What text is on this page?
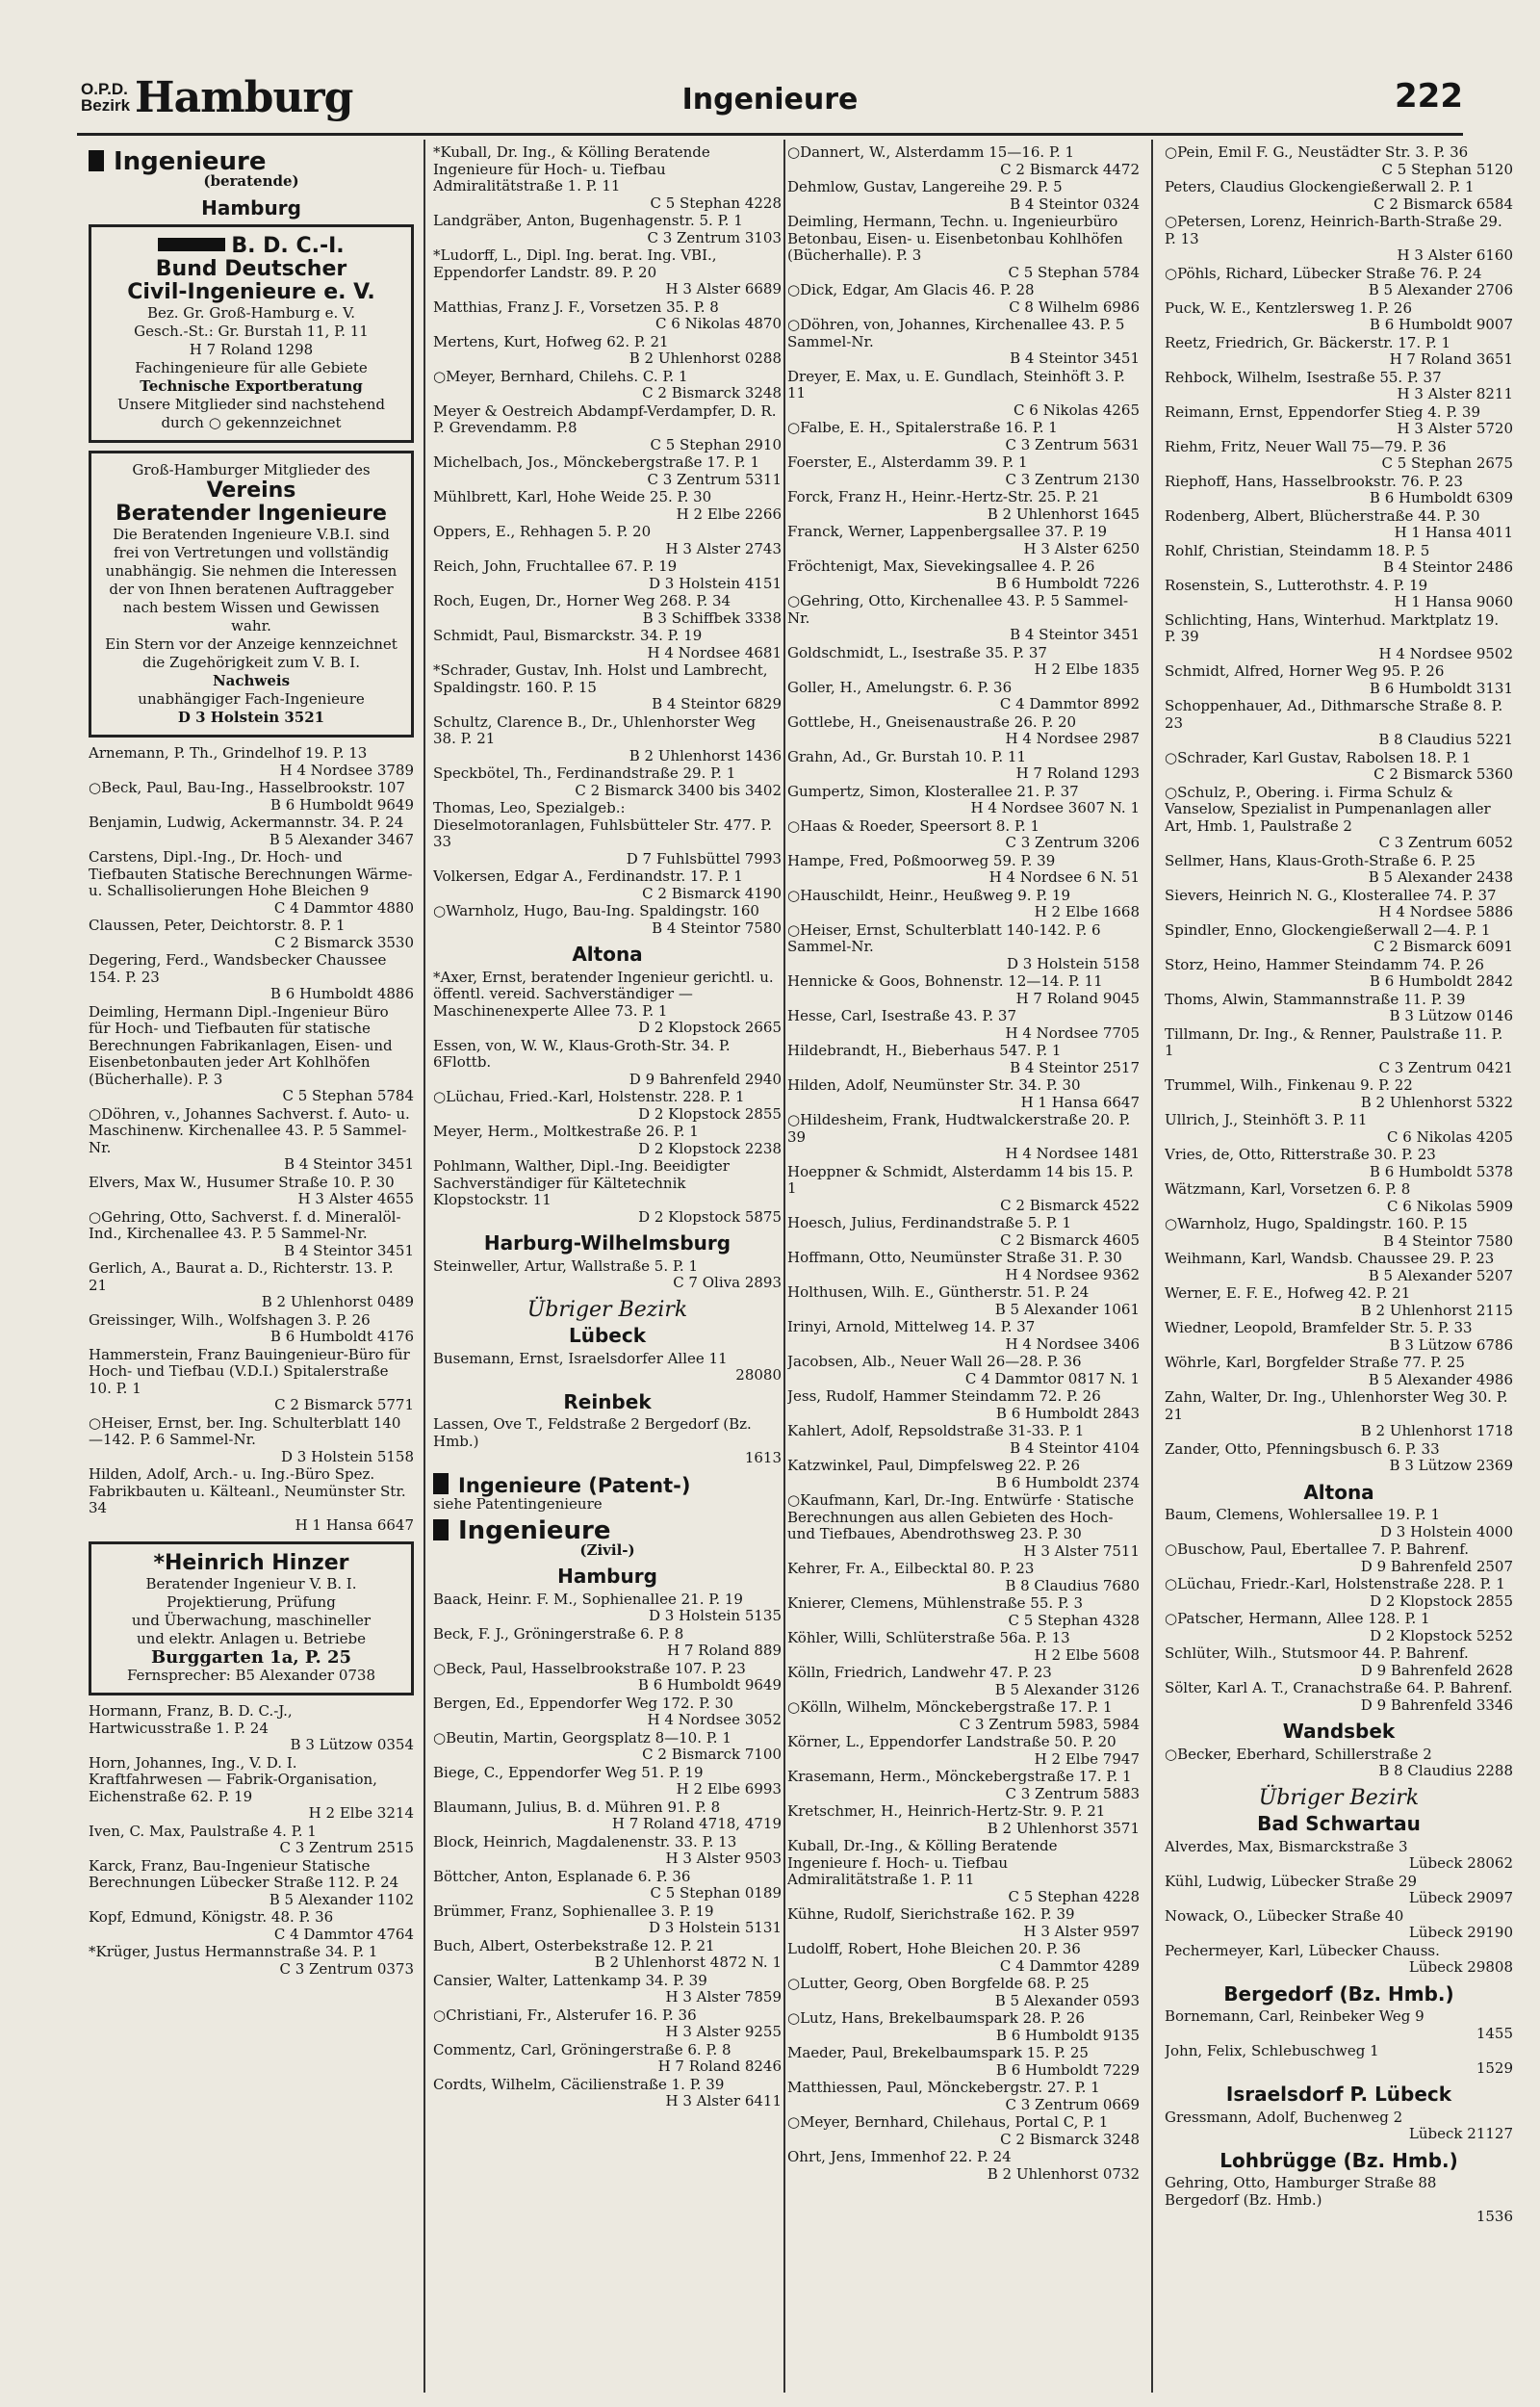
O.P.D.
Bezirk Hamburg	Ingenieure	222
Ingenieure
(beratende)
Hamburg
B. D. C.-I.
Bund Deutscher
Civil-Ingenieure e. V.
Bez. Gr. Groß-Hamburg e. V.
Gesch.-St.: Gr. Burstah 11, P. 11
H 7 Roland 1298
Fachingenieure für alle Gebiete
Technische Exportberatung
Unsere Mitglieder sind nachstehend durch ○ gekennzeichnet
Groß-Hamburger Mitglieder des
Vereins
Beratender Ingenieure
Die Beratenden Ingenieure V.B.I. sind frei von Vertretungen und vollständig unabhängig. Sie nehmen die Interessen der von Ihnen beratenen Auftraggeber nach bestem Wissen und Gewissen wahr.
Ein Stern vor der Anzeige kennzeichnet die Zugehörigkeit zum V. B. I.
Nachweis
unabhängiger Fach-Ingenieure
D 3 Holstein 3521
Arnemann, P. Th., Grindelhof 19. P. 13
H 4 Nordsee 3789
○Beck, Paul, Bau-Ing., Hasselbrookstr. 107
B 6 Humboldt 9649
Benjamin, Ludwig, Ackermannstr. 34. P. 24
B 5 Alexander 3467
Carstens, Dipl.-Ing., Dr. Hoch- und Tiefbauten Statische Berechnungen Wärme- u. Schallisolierungen Hohe Bleichen 9
C 4 Dammtor 4880
Claussen, Peter, Deichtorstr. 8. P. 1
C 2 Bismarck 3530
Degering, Ferd., Wandsbecker Chaussee 154. P. 23
B 6 Humboldt 4886
Deimling, Hermann Dipl.-Ingenieur Büro für Hoch- und Tiefbauten für statische Berechnungen Fabrikanlagen, Eisen- und Eisenbetonbauten jeder Art Kohlhöfen (Bücherhalle). P. 3
C 5 Stephan 5784
○Döhren, v., Johannes Sachverst. f. Auto- u. Maschinenw. Kirchenallee 43. P. 5 Sammel-Nr.
B 4 Steintor 3451
Elvers, Max W., Husumer Straße 10. P. 30
H 3 Alster 4655
○Gehring, Otto, Sachverst. f. d. Mineralöl-Ind., Kirchenallee 43. P. 5 Sammel-Nr.
B 4 Steintor 3451
Gerlich, A., Baurat a. D., Richterstr. 13. P. 21
B 2 Uhlenhorst 0489
Greissinger, Wilh., Wolfshagen 3. P. 26
B 6 Humboldt 4176
Hammerstein, Franz Bauingenieur-Büro für Hoch- und Tiefbau (V.D.I.) Spitalerstraße 10. P. 1
C 2 Bismarck 5771
○Heiser, Ernst, ber. Ing. Schulterblatt 140—142. P. 6 Sammel-Nr.
D 3 Holstein 5158
Hilden, Adolf, Arch.- u. Ing.-Büro Spez. Fabrikbauten u. Kälteanl., Neumünster Str. 34
H 1 Hansa 6647
*Heinrich Hinzer
Beratender Ingenieur V. B. I.
Projektierung, Prüfung
und Überwachung, maschineller
und elektr. Anlagen u. Betriebe
Burggarten 1a, P. 25
Fernsprecher: B5 Alexander 0738
Hormann, Franz, B. D. C.-J., Hartwicusstraße 1. P. 24
B 3 Lützow 0354
Horn, Johannes, Ing., V. D. I. Kraftfahrwesen — Fabrik-Organisation, Eichenstraße 62. P. 19
H 2 Elbe 3214
Iven, C. Max, Paulstraße 4. P. 1
C 3 Zentrum 2515
Karck, Franz, Bau-Ingenieur Statische Berechnungen Lübecker Straße 112. P. 24
B 5 Alexander 1102
Kopf, Edmund, Königstr. 48. P. 36
C 4 Dammtor 4764
*Krüger, Justus Hermannstraße 34. P. 1
C 3 Zentrum 0373
*Kuball, Dr. Ing., & Kölling Beratende Ingenieure für Hoch- u. Tiefbau Admiralitätstraße 1. P. 11
C 5 Stephan 4228
Landgräber, Anton, Bugenhagenstr. 5. P. 1
C 3 Zentrum 3103
*Ludorff, L., Dipl. Ing. berat. Ing. VBI., Eppendorfer Landstr. 89. P. 20
H 3 Alster 6689
Matthias, Franz J. F., Vorsetzen 35. P. 8
C 6 Nikolas 4870
Mertens, Kurt, Hofweg 62. P. 21
B 2 Uhlenhorst 0288
○Meyer, Bernhard, Chilehs. C. P. 1
C 2 Bismarck 3248
Meyer & Oestreich Abdampf-Verdampfer, D. R. P. Grevendamm. P.8
C 5 Stephan 2910
Michelbach, Jos., Mönckebergstraße 17. P. 1
C 3 Zentrum 5311
Mühlbrett, Karl, Hohe Weide 25. P. 30
H 2 Elbe 2266
Oppers, E., Rehhagen 5. P. 20
H 3 Alster 2743
Reich, John, Fruchtallee 67. P. 19
D 3 Holstein 4151
Roch, Eugen, Dr., Horner Weg 268. P. 34
B 3 Schiffbek 3338
Schmidt, Paul, Bismarckstr. 34. P. 19
H 4 Nordsee 4681
*Schrader, Gustav, Inh. Holst und Lambrecht, Spaldingstr. 160. P. 15
B 4 Steintor 6829
Schultz, Clarence B., Dr., Uhlenhorster Weg 38. P. 21
B 2 Uhlenhorst 1436
Speckbötel, Th., Ferdinandstraße 29. P. 1
C 2 Bismarck 3400 bis 3402
Thomas, Leo, Spezialgeb.: Dieselmotoranlagen, Fuhlsbütteler Str. 477. P. 33
D 7 Fuhlsbüttel 7993
Volkersen, Edgar A., Ferdinandstr. 17. P. 1
C 2 Bismarck 4190
○Warnholz, Hugo, Bau-Ing. Spaldingstr. 160
B 4 Steintor 7580
Altona
*Axer, Ernst, beratender Ingenieur gerichtl. u. öffentl. vereid. Sachverständiger — Maschinenexperte Allee 73. P. 1
D 2 Klopstock 2665
Essen, von, W. W., Klaus-Groth-Str. 34. P. 6Flottb.
D 9 Bahrenfeld 2940
○Lüchau, Fried.-Karl, Holstenstr. 228. P. 1
D 2 Klopstock 2855
Meyer, Herm., Moltkestraße 26. P. 1
D 2 Klopstock 2238
Pohlmann, Walther, Dipl.-Ing. Beeidigter Sachverständiger für Kältetechnik Klopstockstr. 11
D 2 Klopstock 5875
Harburg-Wilhelmsburg
Steinweller, Artur, Wallstraße 5. P. 1
C 7 Oliva 2893
Übriger Bezirk
Lübeck
Busemann, Ernst, Israelsdorfer Allee 11
28080
Reinbek
Lassen, Ove T., Feldstraße 2 Bergedorf (Bz. Hmb.)
1613
Ingenieure (Patent-)
siehe Patentingenieure
Ingenieure
(Zivil-)
Hamburg
Baack, Heinr. F. M., Sophienallee 21. P. 19
D 3 Holstein 5135
Beck, F. J., Gröningerstraße 6. P. 8
H 7 Roland 889
○Beck, Paul, Hasselbrookstraße 107. P. 23
B 6 Humboldt 9649
Bergen, Ed., Eppendorfer Weg 172. P. 30
H 4 Nordsee 3052
○Beutin, Martin, Georgsplatz 8—10. P. 1
C 2 Bismarck 7100
Biege, C., Eppendorfer Weg 51. P. 19
H 2 Elbe 6993
Blaumann, Julius, B. d. Mühren 91. P. 8
H 7 Roland 4718, 4719
Block, Heinrich, Magdalenenstr. 33. P. 13
H 3 Alster 9503
Böttcher, Anton, Esplanade 6. P. 36
C 5 Stephan 0189
Brümmer, Franz, Sophienallee 3. P. 19
D 3 Holstein 5131
Buch, Albert, Osterbekstraße 12. P. 21
B 2 Uhlenhorst 4872 N. 1
Cansier, Walter, Lattenkamp 34. P. 39
H 3 Alster 7859
○Christiani, Fr., Alsterufer 16. P. 36
H 3 Alster 9255
Commentz, Carl, Gröningerstraße 6. P. 8
H 7 Roland 8246
Cordts, Wilhelm, Cäcilienstraße 1. P. 39
H 3 Alster 6411
○Dannert, W., Alsterdamm 15—16. P. 1
C 2 Bismarck 4472
Dehmlow, Gustav, Langereihe 29. P. 5
B 4 Steintor 0324
Deimling, Hermann, Techn. u. Ingenieurbüro Betonbau, Eisen- u. Eisenbetonbau Kohlhöfen (Bücherhalle). P. 3
C 5 Stephan 5784
○Dick, Edgar, Am Glacis 46. P. 28
C 8 Wilhelm 6986
○Döhren, von, Johannes, Kirchenallee 43. P. 5 Sammel-Nr.
B 4 Steintor 3451
Dreyer, E. Max, u. E. Gundlach, Steinhöft 3. P. 11
C 6 Nikolas 4265
○Falbe, E. H., Spitalerstraße 16. P. 1
C 3 Zentrum 5631
Foerster, E., Alsterdamm 39. P. 1
C 3 Zentrum 2130
Forck, Franz H., Heinr.-Hertz-Str. 25. P. 21
B 2 Uhlenhorst 1645
Franck, Werner, Lappenbergsallee 37. P. 19
H 3 Alster 6250
Fröchtenigt, Max, Sievekingsallee 4. P. 26
B 6 Humboldt 7226
○Gehring, Otto, Kirchenallee 43. P. 5 Sammel-Nr.
B 4 Steintor 3451
Goldschmidt, L., Isestraße 35. P. 37
H 2 Elbe 1835
Goller, H., Amelungstr. 6. P. 36
C 4 Dammtor 8992
Gottlebe, H., Gneisenaustraße 26. P. 20
H 4 Nordsee 2987
Grahn, Ad., Gr. Burstah 10. P. 11
H 7 Roland 1293
Gumpertz, Simon, Klosterallee 21. P. 37
H 4 Nordsee 3607 N. 1
○Haas & Roeder, Speersort 8. P. 1
C 3 Zentrum 3206
Hampe, Fred, Poßmoorweg 59. P. 39
H 4 Nordsee 6 N. 51
○Hauschildt, Heinr., Heußweg 9. P. 19
H 2 Elbe 1668
○Heiser, Ernst, Schulterblatt 140-142. P. 6 Sammel-Nr.
D 3 Holstein 5158
Hennicke & Goos, Bohnenstr. 12—14. P. 11
H 7 Roland 9045
Hesse, Carl, Isestraße 43. P. 37
H 4 Nordsee 7705
Hildebrandt, H., Bieberhaus 547. P. 1
B 4 Steintor 2517
Hilden, Adolf, Neumünster Str. 34. P. 30
H 1 Hansa 6647
○Hildesheim, Frank, Hudtwalckerstraße 20. P. 39
H 4 Nordsee 1481
Hoeppner & Schmidt, Alsterdamm 14 bis 15. P. 1
C 2 Bismarck 4522
Hoesch, Julius, Ferdinandstraße 5. P. 1
C 2 Bismarck 4605
Hoffmann, Otto, Neumünster Straße 31. P. 30
H 4 Nordsee 9362
Holthusen, Wilh. E., Güntherstr. 51. P. 24
B 5 Alexander 1061
Irinyi, Arnold, Mittelweg 14. P. 37
H 4 Nordsee 3406
Jacobsen, Alb., Neuer Wall 26—28. P. 36
C 4 Dammtor 0817 N. 1
Jess, Rudolf, Hammer Steindamm 72. P. 26
B 6 Humboldt 2843
Kahlert, Adolf, Repsoldstraße 31-33. P. 1
B 4 Steintor 4104
Katzwinkel, Paul, Dimpfelsweg 22. P. 26
B 6 Humboldt 2374
○Kaufmann, Karl, Dr.-Ing. Entwürfe · Statische Berechnungen aus allen Gebieten des Hoch- und Tiefbaues, Abendrothsweg 23. P. 30
H 3 Alster 7511
Kehrer, Fr. A., Eilbecktal 80. P. 23
B 8 Claudius 7680
Knierer, Clemens, Mühlenstraße 55. P. 3
C 5 Stephan 4328
Köhler, Willi, Schlüterstraße 56a. P. 13
H 2 Elbe 5608
Kölln, Friedrich, Landwehr 47. P. 23
B 5 Alexander 3126
○Kölln, Wilhelm, Mönckebergstraße 17. P. 1
C 3 Zentrum 5983, 5984
Körner, L., Eppendorfer Landstraße 50. P. 20
H 2 Elbe 7947
Krasemann, Herm., Mönckebergstraße 17. P. 1
C 3 Zentrum 5883
Kretschmer, H., Heinrich-Hertz-Str. 9. P. 21
B 2 Uhlenhorst 3571
Kuball, Dr.-Ing., & Kölling Beratende Ingenieure f. Hoch- u. Tiefbau Admiralitätstraße 1. P. 11
C 5 Stephan 4228
Kühne, Rudolf, Sierichstraße 162. P. 39
H 3 Alster 9597
Ludolff, Robert, Hohe Bleichen 20. P. 36
C 4 Dammtor 4289
○Lutter, Georg, Oben Borgfelde 68. P. 25
B 5 Alexander 0593
○Lutz, Hans, Brekelbaumspark 28. P. 26
B 6 Humboldt 9135
Maeder, Paul, Brekelbaumspark 15. P. 25
B 6 Humboldt 7229
Matthiessen, Paul, Mönckebergstr. 27. P. 1
C 3 Zentrum 0669
○Meyer, Bernhard, Chilehaus, Portal C, P. 1
C 2 Bismarck 3248
Ohrt, Jens, Immenhof 22. P. 24
B 2 Uhlenhorst 0732
○Pein, Emil F. G., Neustädter Str. 3. P. 36
C 5 Stephan 5120
Peters, Claudius Glockengießerwall 2. P. 1
C 2 Bismarck 6584
○Petersen, Lorenz, Heinrich-Barth-Straße 29. P. 13
H 3 Alster 6160
○Pöhls, Richard, Lübecker Straße 76. P. 24
B 5 Alexander 2706
Puck, W. E., Kentzlersweg 1. P. 26
B 6 Humboldt 9007
Reetz, Friedrich, Gr. Bäckerstr. 17. P. 1
H 7 Roland 3651
Rehbock, Wilhelm, Isestraße 55. P. 37
H 3 Alster 8211
Reimann, Ernst, Eppendorfer Stieg 4. P. 39
H 3 Alster 5720
Riehm, Fritz, Neuer Wall 75—79. P. 36
C 5 Stephan 2675
Riephoff, Hans, Hasselbrookstr. 76. P. 23
B 6 Humboldt 6309
Rodenberg, Albert, Blücherstraße 44. P. 30
H 1 Hansa 4011
Rohlf, Christian, Steindamm 18. P. 5
B 4 Steintor 2486
Rosenstein, S., Lutterothstr. 4. P. 19
H 1 Hansa 9060
Schlichting, Hans, Winterhud. Marktplatz 19. P. 39
H 4 Nordsee 9502
Schmidt, Alfred, Horner Weg 95. P. 26
B 6 Humboldt 3131
Schoppenhauer, Ad., Dithmarsche Straße 8. P. 23
B 8 Claudius 5221
○Schrader, Karl Gustav, Rabolsen 18. P. 1
C 2 Bismarck 5360
○Schulz, P., Obering. i. Firma Schulz & Vanselow, Spezialist in Pumpenanlagen aller Art, Hmb. 1, Paulstraße 2
C 3 Zentrum 6052
Sellmer, Hans, Klaus-Groth-Straße 6. P. 25
B 5 Alexander 2438
Sievers, Heinrich N. G., Klosterallee 74. P. 37
H 4 Nordsee 5886
Spindler, Enno, Glockengießerwall 2—4. P. 1
C 2 Bismarck 6091
Storz, Heino, Hammer Steindamm 74. P. 26
B 6 Humboldt 2842
Thoms, Alwin, Stammannstraße 11. P. 39
B 3 Lützow 0146
Tillmann, Dr. Ing., & Renner, Paulstraße 11. P. 1
C 3 Zentrum 0421
Trummel, Wilh., Finkenau 9. P. 22
B 2 Uhlenhorst 5322
Ullrich, J., Steinhöft 3. P. 11
C 6 Nikolas 4205
Vries, de, Otto, Ritterstraße 30. P. 23
B 6 Humboldt 5378
Wätzmann, Karl, Vorsetzen 6. P. 8
C 6 Nikolas 5909
○Warnholz, Hugo, Spaldingstr. 160. P. 15
B 4 Steintor 7580
Weihmann, Karl, Wandsb. Chaussee 29. P. 23
B 5 Alexander 5207
Werner, E. F. E., Hofweg 42. P. 21
B 2 Uhlenhorst 2115
Wiedner, Leopold, Bramfelder Str. 5. P. 33
B 3 Lützow 6786
Wöhrle, Karl, Borgfelder Straße 77. P. 25
B 5 Alexander 4986
Zahn, Walter, Dr. Ing., Uhlenhorster Weg 30. P. 21
B 2 Uhlenhorst 1718
Zander, Otto, Pfenningsbusch 6. P. 33
B 3 Lützow 2369
Altona
Baum, Clemens, Wohlersallee 19. P. 1
D 3 Holstein 4000
○Buschow, Paul, Ebertallee 7. P. Bahrenf.
D 9 Bahrenfeld 2507
○Lüchau, Friedr.-Karl, Holstenstraße 228. P. 1
D 2 Klopstock 2855
○Patscher, Hermann, Allee 128. P. 1
D 2 Klopstock 5252
Schlüter, Wilh., Stutsmoor 44. P. Bahrenf.
D 9 Bahrenfeld 2628
Sölter, Karl A. T., Cranachstraße 64. P. Bahrenf.
D 9 Bahrenfeld 3346
Wandsbek
○Becker, Eberhard, Schillerstraße 2
B 8 Claudius 2288
Übriger Bezirk
Bad Schwartau
Alverdes, Max, Bismarckstraße 3
Lübeck 28062
Kühl, Ludwig, Lübecker Straße 29
Lübeck 29097
Nowack, O., Lübecker Straße 40
Lübeck 29190
Pechermeyer, Karl, Lübecker Chauss.
Lübeck 29808
Bergedorf (Bz. Hmb.)
Bornemann, Carl, Reinbeker Weg 9
1455
John, Felix, Schlebuschweg 1
1529
Israelsdorf P. Lübeck
Gressmann, Adolf, Buchenweg 2
Lübeck 21127
Lohbrügge (Bz. Hmb.)
Gehring, Otto, Hamburger Straße 88 Bergedorf (Bz. Hmb.)
1536
